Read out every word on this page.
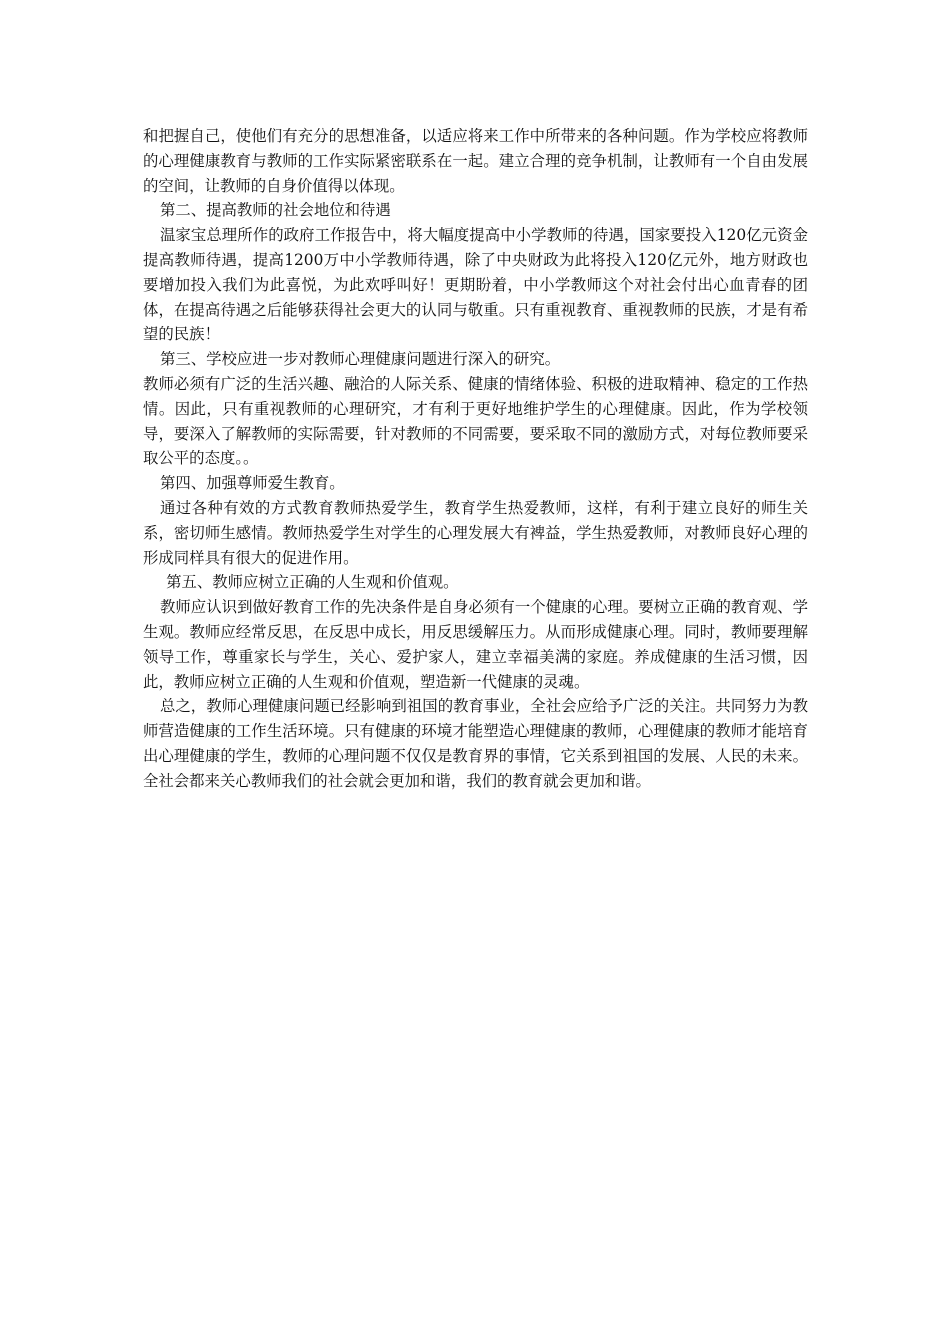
和把握自己，使他们有充分的思想准备，以适应将来工作中所带来的各种问题。作为学校应将教师的心理健康教育与教师的工作实际紧密联系在一起。建立合理的竞争机制，让教师有一个自由发展的空间，让教师的自身价值得以体现。

第二、提高教师的社会地位和待遇

温家宝总理所作的政府工作报告中，将大幅度提高中小学教师的待遇，国家要投入120亿元资金提高教师待遇，提高1200万中小学教师待遇，除了中央财政为此将投入120亿元外，地方财政也要增加投入我们为此喜悦，为此欢呼叫好！更期盼着，中小学教师这个对社会付出心血青春的团体，在提高待遇之后能够获得社会更大的认同与敬重。只有重视教育、重视教师的民族，才是有希望的民族！

第三、学校应进一步对教师心理健康问题进行深入的研究。

教师必须有广泛的生活兴趣、融洽的人际关系、健康的情绪体验、积极的进取精神、稳定的工作热情。因此，只有重视教师的心理研究，才有利于更好地维护学生的心理健康。因此，作为学校领导，要深入了解教师的实际需要，针对教师的不同需要，要采取不同的激励方式，对每位教师要采取公平的态度。。

第四、加强尊师爱生教育。

通过各种有效的方式教育教师热爱学生，教育学生热爱教师，这样，有利于建立良好的师生关系，密切师生感情。教师热爱学生对学生的心理发展大有裨益，学生热爱教师，对教师良好心理的形成同样具有很大的促进作用。

第五、教师应树立正确的人生观和价值观。

教师应认识到做好教育工作的先决条件是自身必须有一个健康的心理。要树立正确的教育观、学生观。教师应经常反思，在反思中成长，用反思缓解压力。从而形成健康心理。同时，教师要理解领导工作，尊重家长与学生，关心、爱护家人，建立幸福美满的家庭。养成健康的生活习惯，因此，教师应树立正确的人生观和价值观，塑造新一代健康的灵魂。

总之，教师心理健康问题已经影响到祖国的教育事业，全社会应给予广泛的关注。共同努力为教师营造健康的工作生活环境。只有健康的环境才能塑造心理健康的教师，心理健康的教师才能培育出心理健康的学生，教师的心理问题不仅仅是教育界的事情，它关系到祖国的发展、人民的未来。全社会都来关心教师我们的社会就会更加和谐，我们的教育就会更加和谐。
